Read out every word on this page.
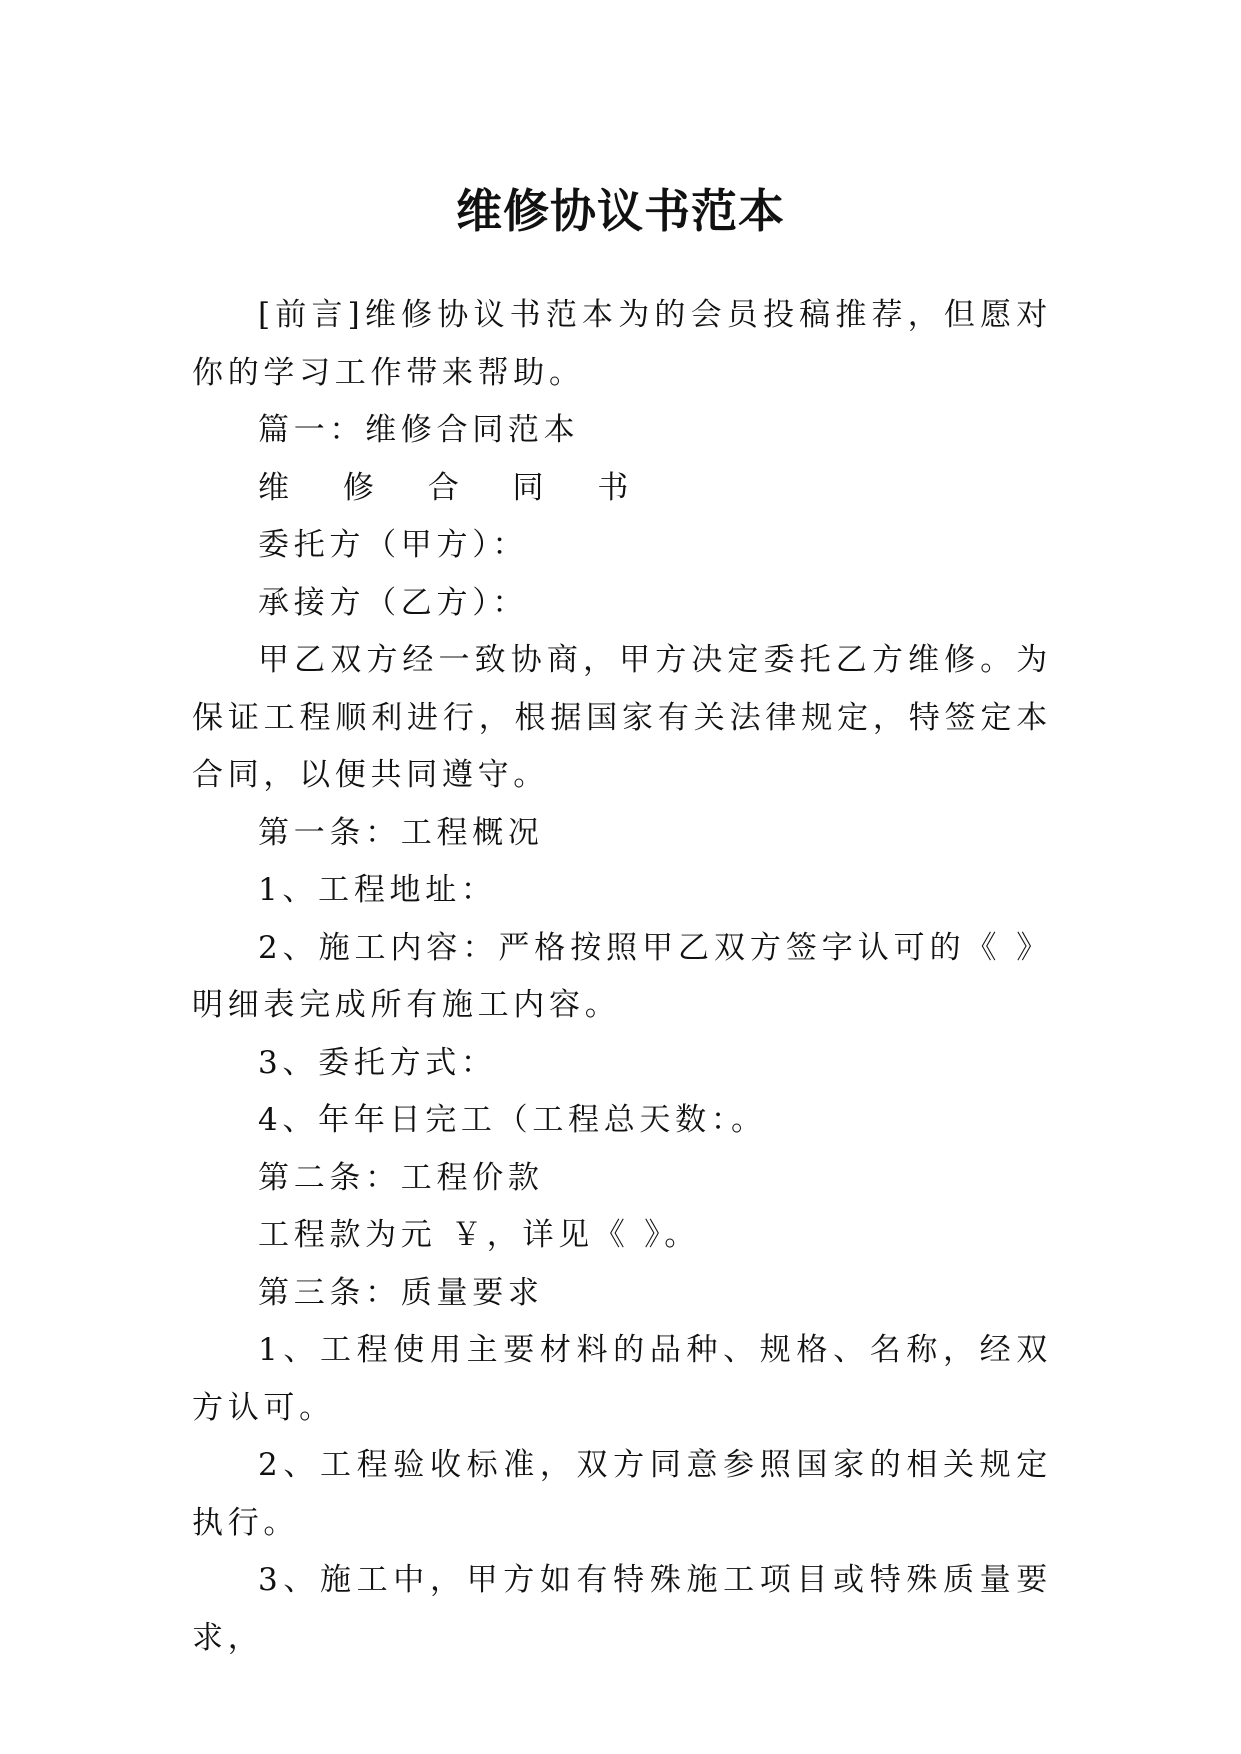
维修协议书范本

[前言]维修协议书范本为的会员投稿推荐，但愿对你的学习工作带来帮助。

篇一：维修合同范本

维 修 合 同 书

委托方（甲方）：

承接方（乙方）：

甲乙双方经一致协商，甲方决定委托乙方维修。为保证工程顺利进行，根据国家有关法律规定，特签定本合同，以便共同遵守。

第一条：工程概况

1、工程地址：

2、施工内容：严格按照甲乙双方签字认可的《 》明细表完成所有施工内容。

3、委托方式：

4、年年日完工（工程总天数：。

第二条：工程价款

工程款为元 ￥，详见《 》。

第三条：质量要求

1、工程使用主要材料的品种、规格、名称，经双方认可。

2、工程验收标准，双方同意参照国家的相关规定执行。

3、施工中，甲方如有特殊施工项目或特殊质量要求，
